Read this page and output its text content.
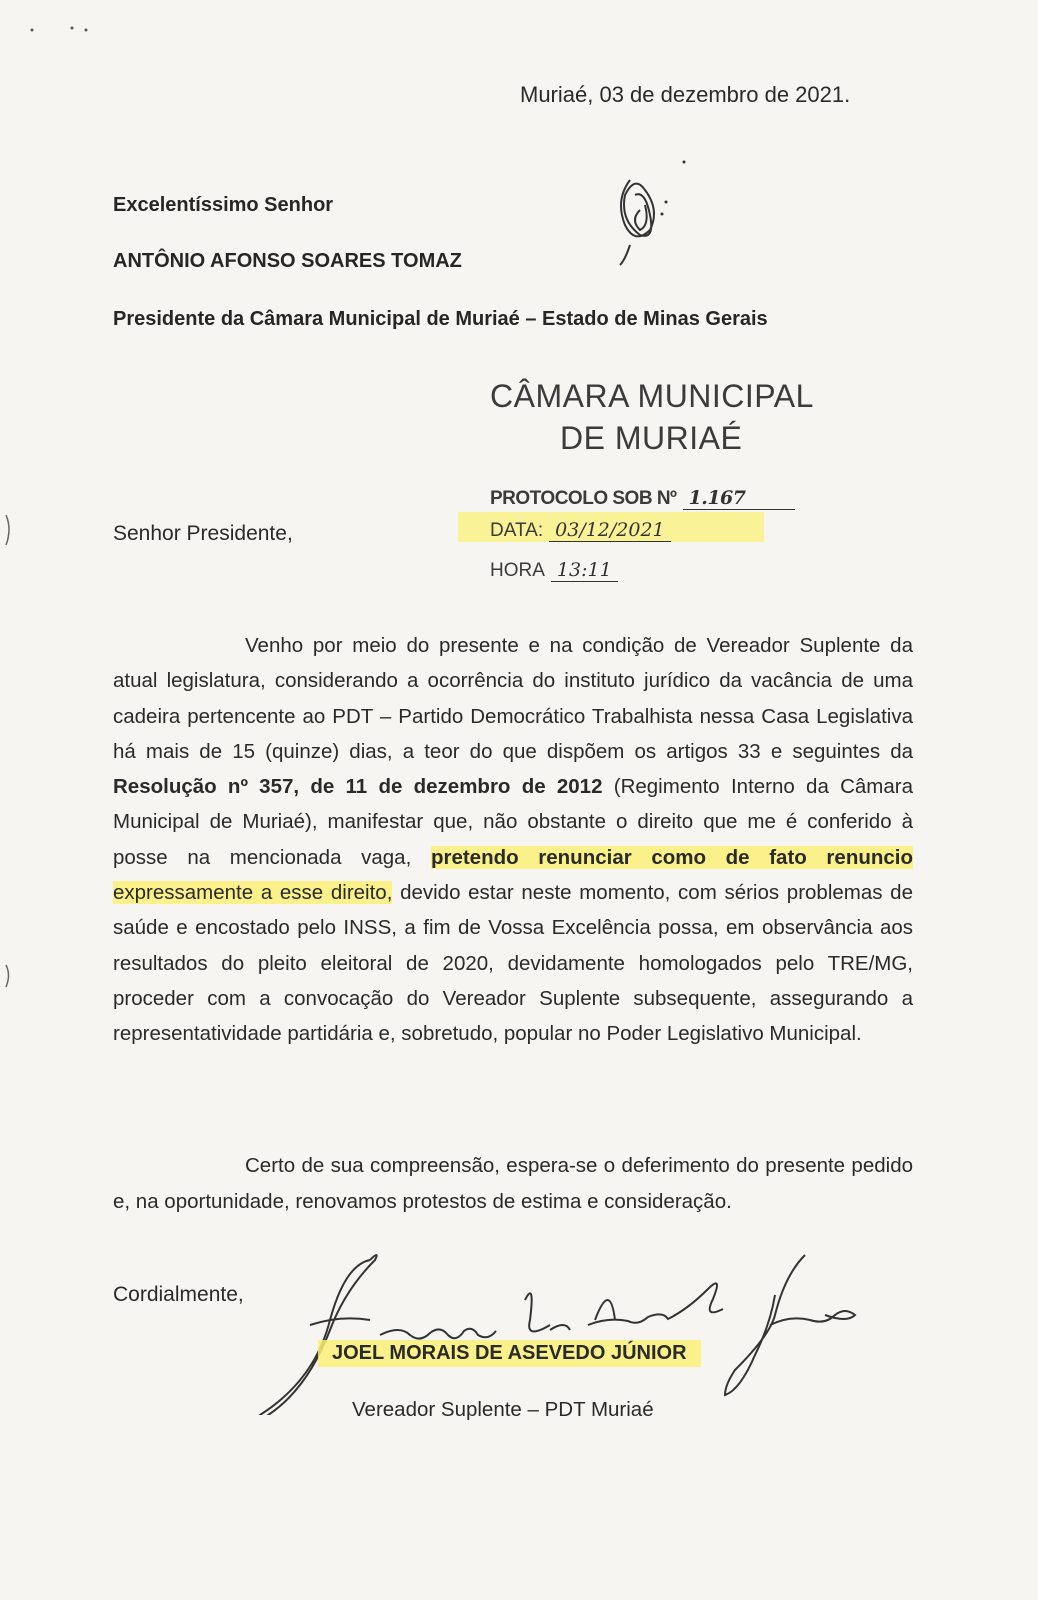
Muriaé, 03 de dezembro de 2021.
Excelentíssimo Senhor
ANTÔNIO AFONSO SOARES TOMAZ
Presidente da Câmara Municipal de Muriaé – Estado de Minas Gerais
CÂMARA MUNICIPAL
DE MURIAÉ
PROTOCOLO SOB Nº 1.167
DATA: 03/12/2021
HORA 13:11
Senhor Presidente,

Venho por meio do presente e na condição de Vereador Suplente da atual legislatura, considerando a ocorrência do instituto jurídico da vacância de uma cadeira pertencente ao PDT – Partido Democrático Trabalhista nessa Casa Legislativa há mais de 15 (quinze) dias, a teor do que dispõem os artigos 33 e seguintes da Resolução nº 357, de 11 de dezembro de 2012 (Regimento Interno da Câmara Municipal de Muriaé), manifestar que, não obstante o direito que me é conferido à posse na mencionada vaga, pretendo renunciar como de fato renuncio expressamente a esse direito, devido estar neste momento, com sérios problemas de saúde e encostado pelo INSS, a fim de Vossa Excelência possa, em observância aos resultados do pleito eleitoral de 2020, devidamente homologados pelo TRE/MG, proceder com a convocação do Vereador Suplente subsequente, assegurando a representatividade partidária e, sobretudo, popular no Poder Legislativo Municipal.

Certo de sua compreensão, espera-se o deferimento do presente pedido e, na oportunidade, renovamos protestos de estima e consideração.

Cordialmente,
JOEL MORAIS DE ASEVEDO JÚNIOR
Vereador Suplente – PDT Muriaé
